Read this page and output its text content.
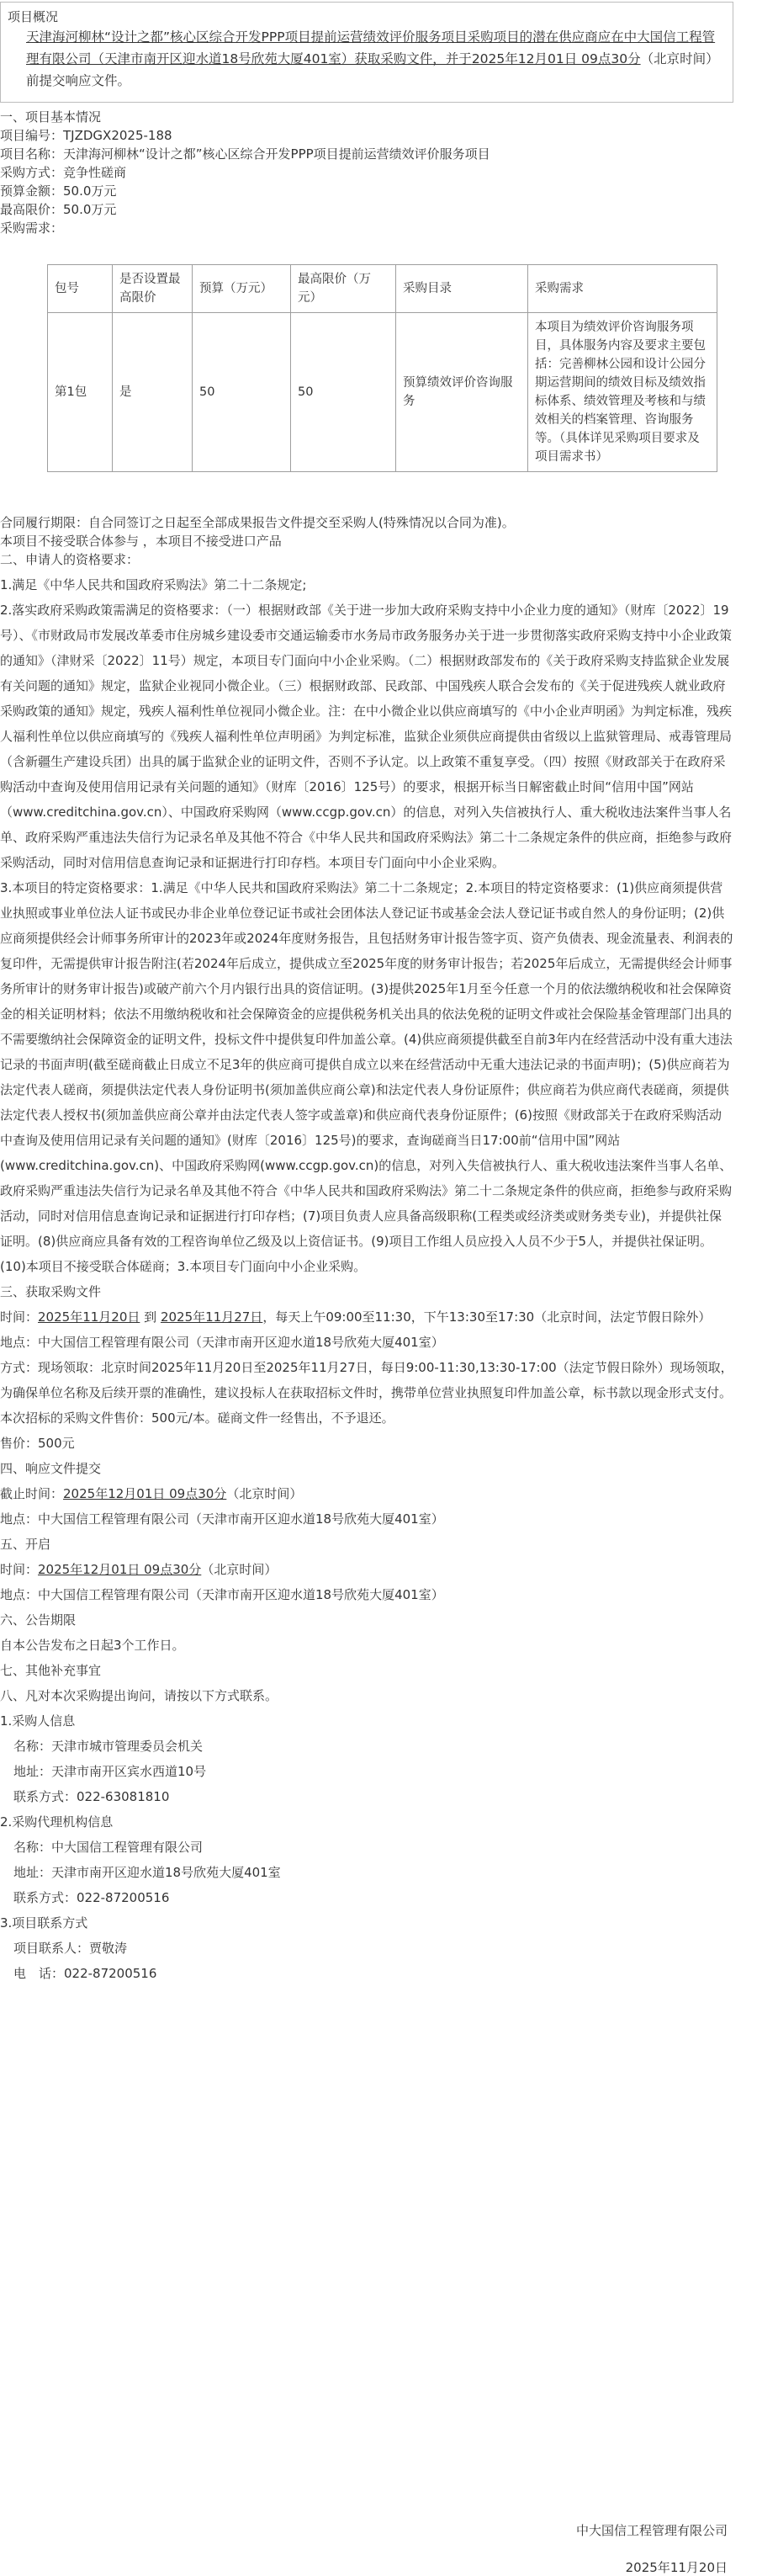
项目概况
天津海河柳林“设计之都”核心区综合开发PPP项目提前运营绩效评价服务项目采购项目的潜在供应商应在中大国信工程管理有限公司（天津市南开区迎水道18号欣苑大厦401室）获取采购文件，并于2025年12月01日 09点30分（北京时间）前提交响应文件。
一、项目基本情况
项目编号：TJZDGX2025-188
项目名称：天津海河柳林“设计之都”核心区综合开发PPP项目提前运营绩效评价服务项目
采购方式：竞争性磋商
预算金额：50.0万元
最高限价：50.0万元
采购需求：
包号	是否设置最高限价	预算（万元）	最高限价（万元）	采购目录	采购需求
第1包	是	50	50	预算绩效评价咨询服务	本项目为绩效评价咨询服务项目，具体服务内容及要求主要包括：完善柳林公园和设计公园分期运营期间的绩效目标及绩效指标体系、绩效管理及考核和与绩效相关的档案管理、咨询服务等。（具体详见采购项目要求及项目需求书）
合同履行期限：自合同签订之日起至全部成果报告文件提交至采购人(特殊情况以合同为准)。
本项目不接受联合体参与 ，本项目不接受进口产品
二、申请人的资格要求：

1.满足《中华人民共和国政府采购法》第二十二条规定;

2.落实政府采购政策需满足的资格要求：（一）根据财政部《关于进一步加大政府采购支持中小企业力度的通知》（财库〔2022〕19号）、《市财政局市发展改革委市住房城乡建设委市交通运输委市水务局市政务服务办关于进一步贯彻落实政府采购支持中小企业政策的通知》（津财采〔2022〕11号）规定，本项目专门面向中小企业采购。（二）根据财政部发布的《关于政府采购支持监狱企业发展有关问题的通知》规定，监狱企业视同小微企业。（三）根据财政部、民政部、中国残疾人联合会发布的《关于促进残疾人就业政府采购政策的通知》规定，残疾人福利性单位视同小微企业。注：在中小微企业以供应商填写的《中小企业声明函》为判定标准，残疾人福利性单位以供应商填写的《残疾人福利性单位声明函》为判定标准，监狱企业须供应商提供由省级以上监狱管理局、戒毒管理局（含新疆生产建设兵团）出具的属于监狱企业的证明文件，否则不予认定。以上政策不重复享受。（四）按照《财政部关于在政府采购活动中查询及使用信用记录有关问题的通知》（财库〔2016〕125号）的要求，根据开标当日解密截止时间“信用中国”网站（www.creditchina.gov.cn）、中国政府采购网（www.ccgp.gov.cn）的信息，对列入失信被执行人、重大税收违法案件当事人名单、政府采购严重违法失信行为记录名单及其他不符合《中华人民共和国政府采购法》第二十二条规定条件的供应商，拒绝参与政府采购活动，同时对信用信息查询记录和证据进行打印存档。本项目专门面向中小企业采购。

3.本项目的特定资格要求：1.满足《中华人民共和国政府采购法》第二十二条规定；2.本项目的特定资格要求：(1)供应商须提供营业执照或事业单位法人证书或民办非企业单位登记证书或社会团体法人登记证书或基金会法人登记证书或自然人的身份证明；(2)供应商须提供经会计师事务所审计的2023年或2024年度财务报告，且包括财务审计报告签字页、资产负债表、现金流量表、利润表的复印件，无需提供审计报告附注(若2024年后成立，提供成立至2025年度的财务审计报告；若2025年后成立，无需提供经会计师事务所审计的财务审计报告)或破产前六个月内银行出具的资信证明。(3)提供2025年1月至今任意一个月的依法缴纳税收和社会保障资金的相关证明材料；依法不用缴纳税收和社会保障资金的应提供税务机关出具的依法免税的证明文件或社会保险基金管理部门出具的不需要缴纳社会保障资金的证明文件，投标文件中提供复印件加盖公章。(4)供应商须提供截至自前3年内在经营活动中没有重大违法记录的书面声明(截至磋商截止日成立不足3年的供应商可提供自成立以来在经营活动中无重大违法记录的书面声明)；(5)供应商若为法定代表人磋商，须提供法定代表人身份证明书(须加盖供应商公章)和法定代表人身份证原件；供应商若为供应商代表磋商，须提供法定代表人授权书(须加盖供应商公章并由法定代表人签字或盖章)和供应商代表身份证原件；(6)按照《财政部关于在政府采购活动中查询及使用信用记录有关问题的通知》(财库〔2016〕125号)的要求，查询磋商当日17:00前“信用中国”网站(www.creditchina.gov.cn)、中国政府采购网(www.ccgp.gov.cn)的信息，对列入失信被执行人、重大税收违法案件当事人名单、政府采购严重违法失信行为记录名单及其他不符合《中华人民共和国政府采购法》第二十二条规定条件的供应商，拒绝参与政府采购活动，同时对信用信息查询记录和证据进行打印存档；(7)项目负责人应具备高级职称(工程类或经济类或财务类专业)，并提供社保证明。(8)供应商应具备有效的工程咨询单位乙级及以上资信证书。(9)项目工作组人员应投入人员不少于5人，并提供社保证明。(10)本项目不接受联合体磋商；3.本项目专门面向中小企业采购。

三、获取采购文件

时间：2025年11月20日 到 2025年11月27日，每天上午09:00至11:30，下午13:30至17:30（北京时间，法定节假日除外）

地点：中大国信工程管理有限公司（天津市南开区迎水道18号欣苑大厦401室）

方式：现场领取：北京时间2025年11月20日至2025年11月27日，每日9:00-11:30,13:30-17:00（法定节假日除外）现场领取，为确保单位名称及后续开票的准确性，建议投标人在获取招标文件时，携带单位营业执照复印件加盖公章，标书款以现金形式支付。本次招标的采购文件售价：500元/本。磋商文件一经售出，不予退还。

售价：500元

四、响应文件提交

截止时间：2025年12月01日 09点30分（北京时间）

地点：中大国信工程管理有限公司（天津市南开区迎水道18号欣苑大厦401室）

五、开启

时间：2025年12月01日 09点30分（北京时间）

地点：中大国信工程管理有限公司（天津市南开区迎水道18号欣苑大厦401室）

六、公告期限

自本公告发布之日起3个工作日。

七、其他补充事宜

八、凡对本次采购提出询问，请按以下方式联系。

1.采购人信息

名称：天津市城市管理委员会机关

地址：天津市南开区宾水西道10号

联系方式：022-63081810

2.采购代理机构信息

名称：中大国信工程管理有限公司

地址：天津市南开区迎水道18号欣苑大厦401室

联系方式：022-87200516

3.项目联系方式

项目联系人：贾敬涛

电　话：022-87200516

中大国信工程管理有限公司
2025年11月20日
